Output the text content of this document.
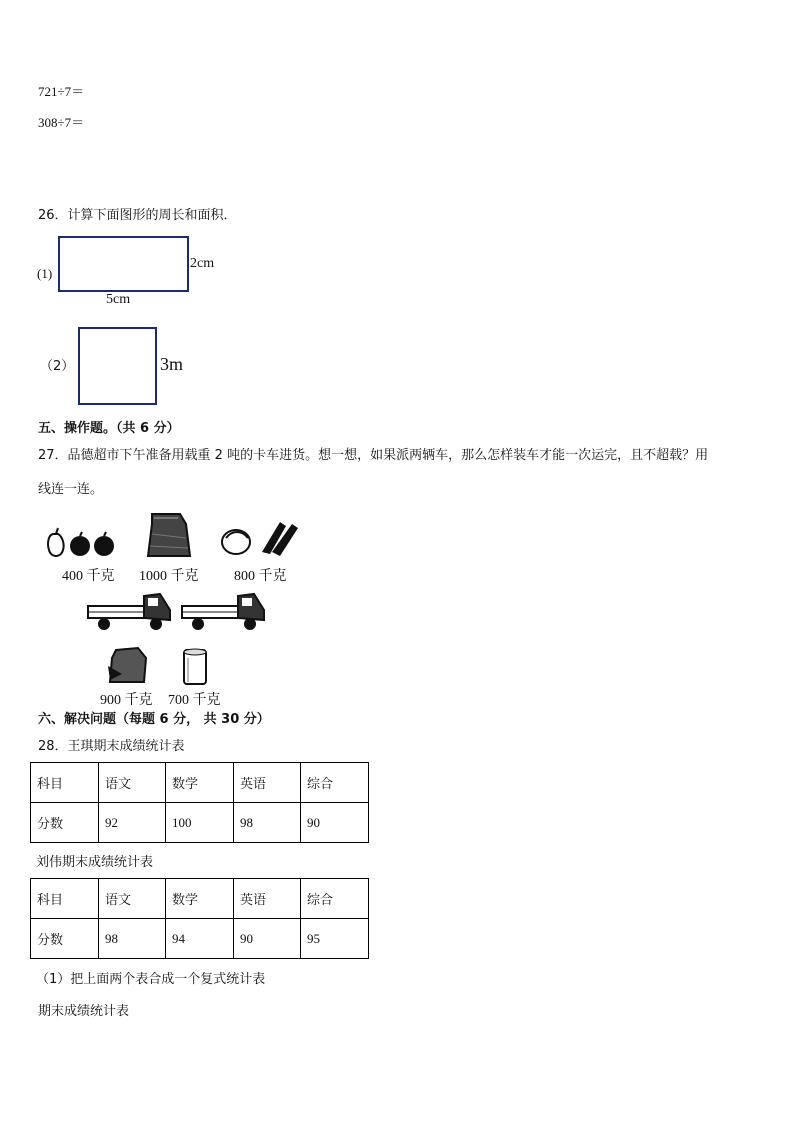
721÷7＝
308÷7＝
26．计算下面图形的周长和面积．
(1)
2cm
5cm
（2）	3m
五、操作题。（共 6 分）
27．品德超市下午准备用载重 2 吨的卡车进货。想一想，如果派两辆车，那么怎样装车才能一次运完，且不超载？用
线连一连。
400 千克 1000 千克	800 千克
900 千克 700 千克
六、解决问题（每题 6 分， 共 30 分）
28．王琪期末成绩统计表
科目	语文	数学	英语	综合
分数	92	100	98	90
刘伟期末成绩统计表
科目	语文	数学	英语	综合
分数	98	94	90	95
（1）把上面两个表合成一个复式统计表
期末成绩统计表
